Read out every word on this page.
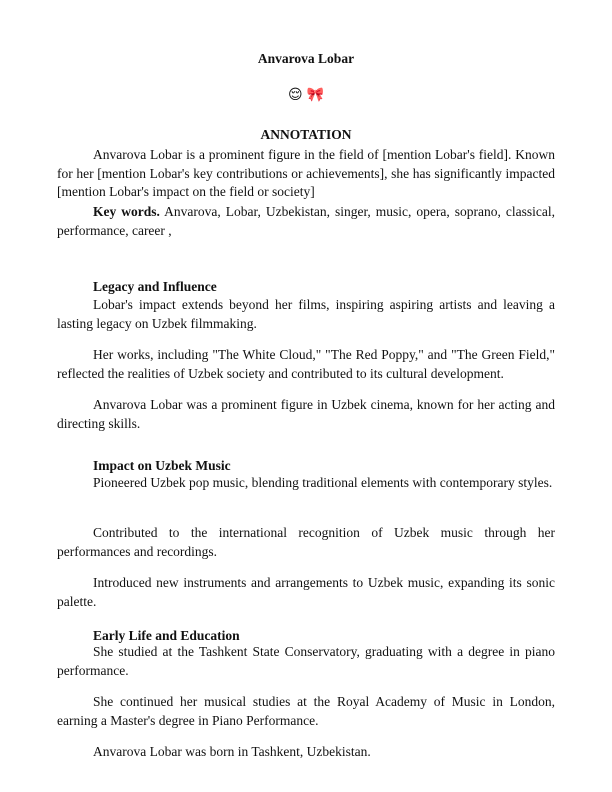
Anvarova Lobar
😌 🎀
ANNOTATION

Anvarova Lobar is a prominent figure in the field of [mention Lobar's field]. Known for her [mention Lobar's key contributions or achievements], she has significantly impacted [mention Lobar's impact on the field or society]

Key words. Anvarova, Lobar, Uzbekistan, singer, music, opera, soprano, classical, performance, career ,

Legacy and Influence

Lobar's impact extends beyond her films, inspiring aspiring artists and leaving a lasting legacy on Uzbek filmmaking.

Her works, including "The White Cloud," "The Red Poppy," and "The Green Field," reflected the realities of Uzbek society and contributed to its cultural development.

Anvarova Lobar was a prominent figure in Uzbek cinema, known for her acting and directing skills.

Impact on Uzbek Music

Pioneered Uzbek pop music, blending traditional elements with contemporary styles.

Contributed to the international recognition of Uzbek music through her performances and recordings.

Introduced new instruments and arrangements to Uzbek music, expanding its sonic palette.

Early Life and Education

She studied at the Tashkent State Conservatory, graduating with a degree in piano performance.

She continued her musical studies at the Royal Academy of Music in London, earning a Master's degree in Piano Performance.

Anvarova Lobar was born in Tashkent, Uzbekistan.
